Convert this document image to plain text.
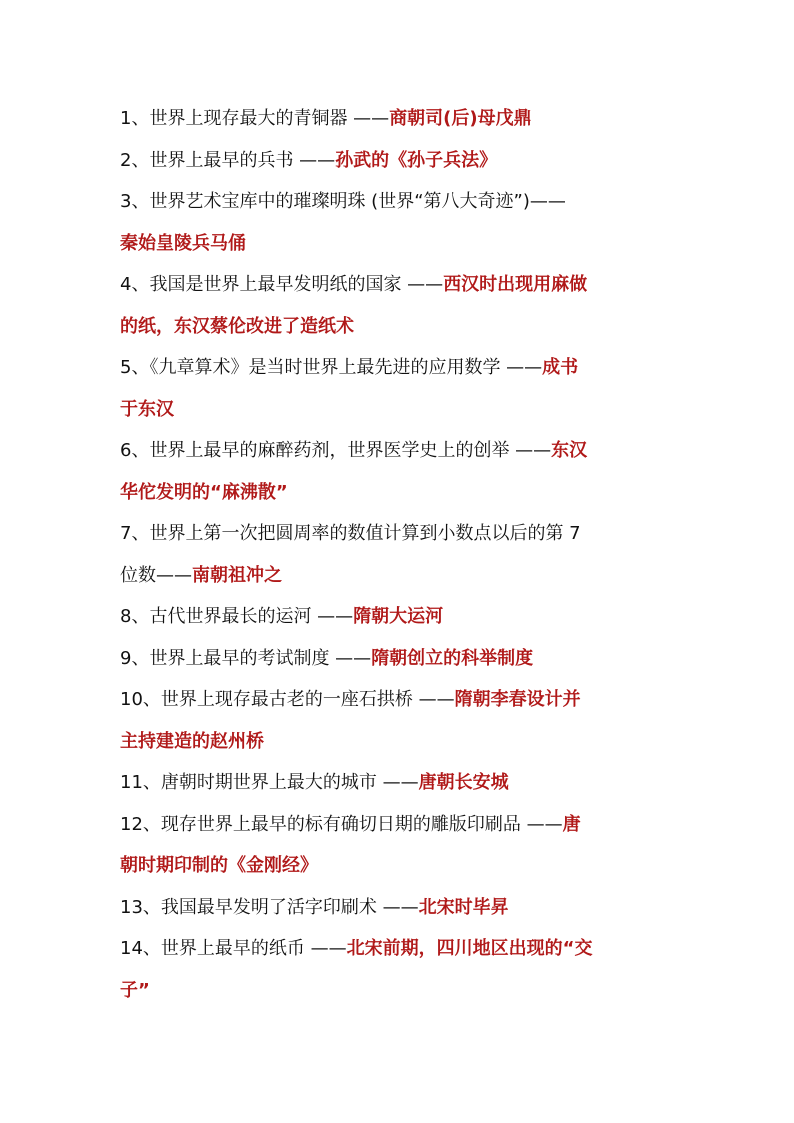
1、世界上现存最大的青铜器 ——商朝司(后)母戊鼎
2、世界上最早的兵书 ——孙武的《孙子兵法》
3、世界艺术宝库中的璀璨明珠 (世界“第八大奇迹”)——
秦始皇陵兵马俑
4、我国是世界上最早发明纸的国家 ——西汉时出现用麻做
的纸，东汉蔡伦改进了造纸术
5、《九章算术》是当时世界上最先进的应用数学 ——成书
于东汉
6、世界上最早的麻醉药剂，世界医学史上的创举 ——东汉
华佗发明的“麻沸散”
7、世界上第一次把圆周率的数值计算到小数点以后的第 7
位数——南朝祖冲之
8、古代世界最长的运河 ——隋朝大运河
9、世界上最早的考试制度 ——隋朝创立的科举制度
10、世界上现存最古老的一座石拱桥 ——隋朝李春设计并
主持建造的赵州桥
11、唐朝时期世界上最大的城市 ——唐朝长安城
12、现存世界上最早的标有确切日期的雕版印刷品 ——唐
朝时期印制的《金刚经》
13、我国最早发明了活字印刷术 ——北宋时毕昇
14、世界上最早的纸币 ——北宋前期，四川地区出现的“交
子”
